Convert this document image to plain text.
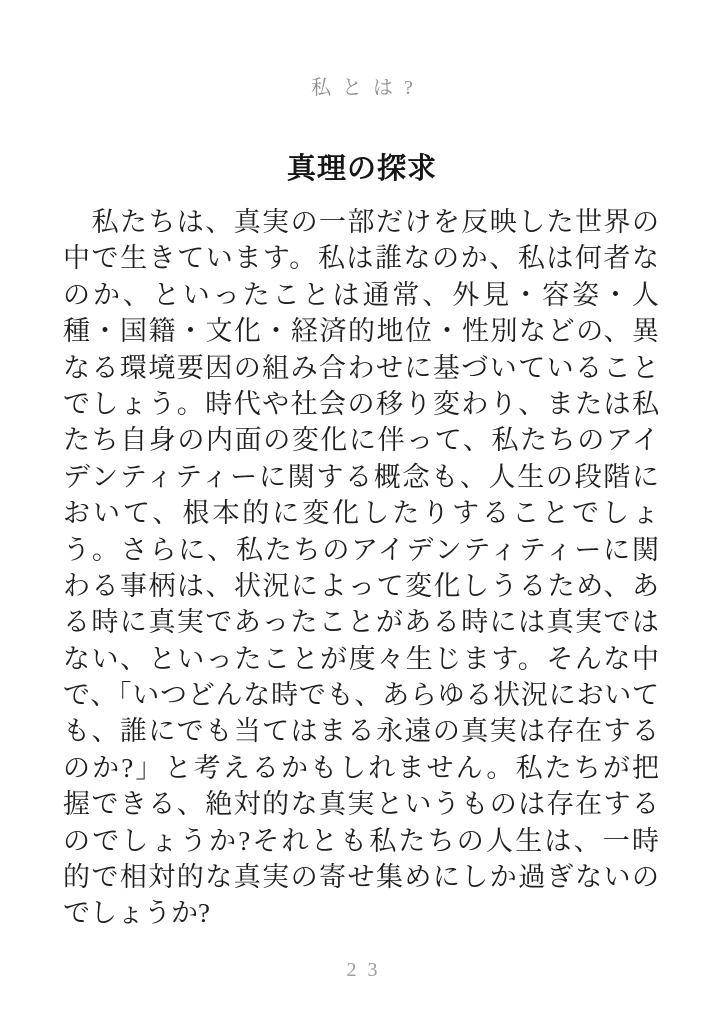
私とは?
真理の探求
　私たちは、真実の一部だけを反映した世界の
中で生きています。私は誰なのか、私は何者な
のか、といったことは通常、外見・容姿・人
種・国籍・文化・経済的地位・性別などの、異
なる環境要因の組み合わせに基づいていること
でしょう。時代や社会の移り変わり、または私
たち自身の内面の変化に伴って、私たちのアイ
デンティティーに関する概念も、人生の段階に
おいて、根本的に変化したりすることでしょ
う。さらに、私たちのアイデンティティーに関
わる事柄は、状況によって変化しうるため、あ
る時に真実であったことがある時には真実では
ない、といったことが度々生じます。そんな中
で、「いつどんな時でも、あらゆる状況において
も、誰にでも当てはまる永遠の真実は存在する
のか?」と考えるかもしれません。私たちが把
握できる、絶対的な真実というものは存在する
のでしょうか?それとも私たちの人生は、一時
的で相対的な真実の寄せ集めにしか過ぎないの
でしょうか?
23
